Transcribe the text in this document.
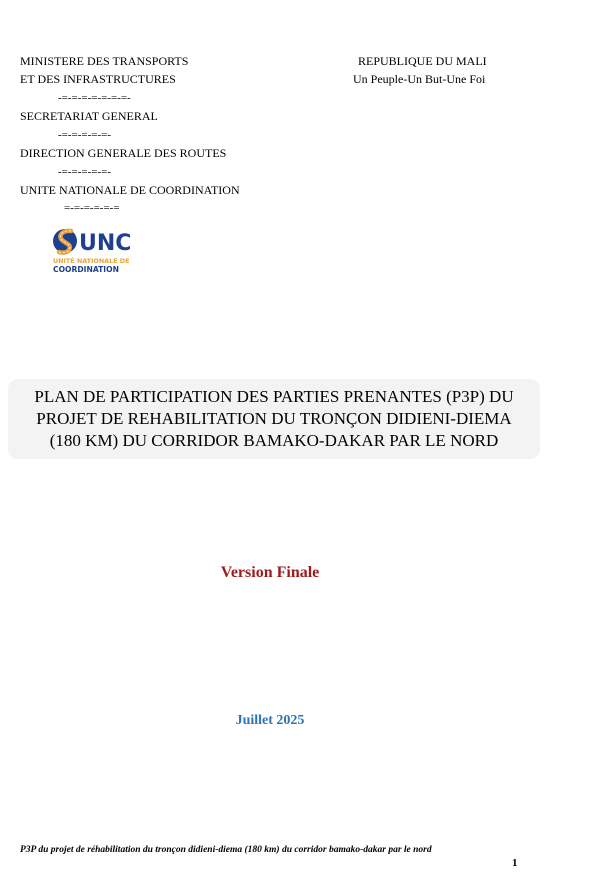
MINISTERE DES TRANSPORTS
ET DES INFRASTRUCTURES
-=-=-=-=-=-=-=-
SECRETARIAT GENERAL
-=-=-=-=-=-
DIRECTION GENERALE DES ROUTES
-=-=-=-=-=-
UNITE NATIONALE DE COORDINATION
=-=-=-=-=-=
REPUBLIQUE DU MALI
Un Peuple-Un But-Une Foi
UNC
UNITÉ NATIONALE DE
COORDINATION
PLAN DE PARTICIPATION DES PARTIES PRENANTES (P3P) DU
PROJET DE REHABILITATION DU TRONÇON DIDIENI-DIEMA
(180 KM) DU CORRIDOR BAMAKO-DAKAR PAR LE NORD
Version Finale
Juillet 2025
P3P du projet de réhabilitation du tronçon didieni-diema (180 km) du corridor bamako-dakar par le nord
1
